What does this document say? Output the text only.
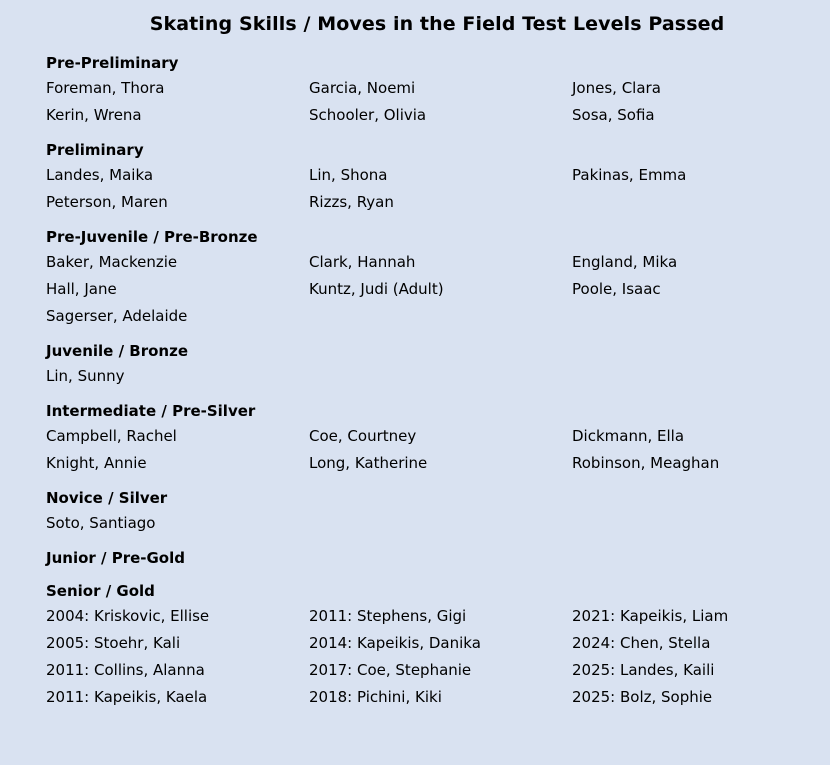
Skating Skills / Moves in the Field Test Levels Passed
Pre-Preliminary
Foreman, Thora	Garcia, Noemi	Jones, Clara
Kerin, Wrena	Schooler, Olivia	Sosa, Sofia
Preliminary
Landes, Maika	Lin, Shona	Pakinas, Emma
Peterson, Maren	Rizzs, Ryan
Pre-Juvenile / Pre-Bronze
Baker, Mackenzie	Clark, Hannah	England, Mika
Hall, Jane	Kuntz, Judi (Adult)	Poole, Isaac
Sagerser, Adelaide
Juvenile / Bronze
Lin, Sunny
Intermediate / Pre-Silver
Campbell, Rachel	Coe, Courtney	Dickmann, Ella
Knight, Annie	Long, Katherine	Robinson, Meaghan
Novice / Silver
Soto, Santiago
Junior / Pre-Gold
Senior / Gold
2004: Kriskovic, Ellise	2011: Stephens, Gigi	2021: Kapeikis, Liam
2005: Stoehr, Kali	2014: Kapeikis, Danika	2024: Chen, Stella
2011: Collins, Alanna	2017: Coe, Stephanie	2025: Landes, Kaili
2011: Kapeikis, Kaela	2018: Pichini, Kiki	2025: Bolz, Sophie
